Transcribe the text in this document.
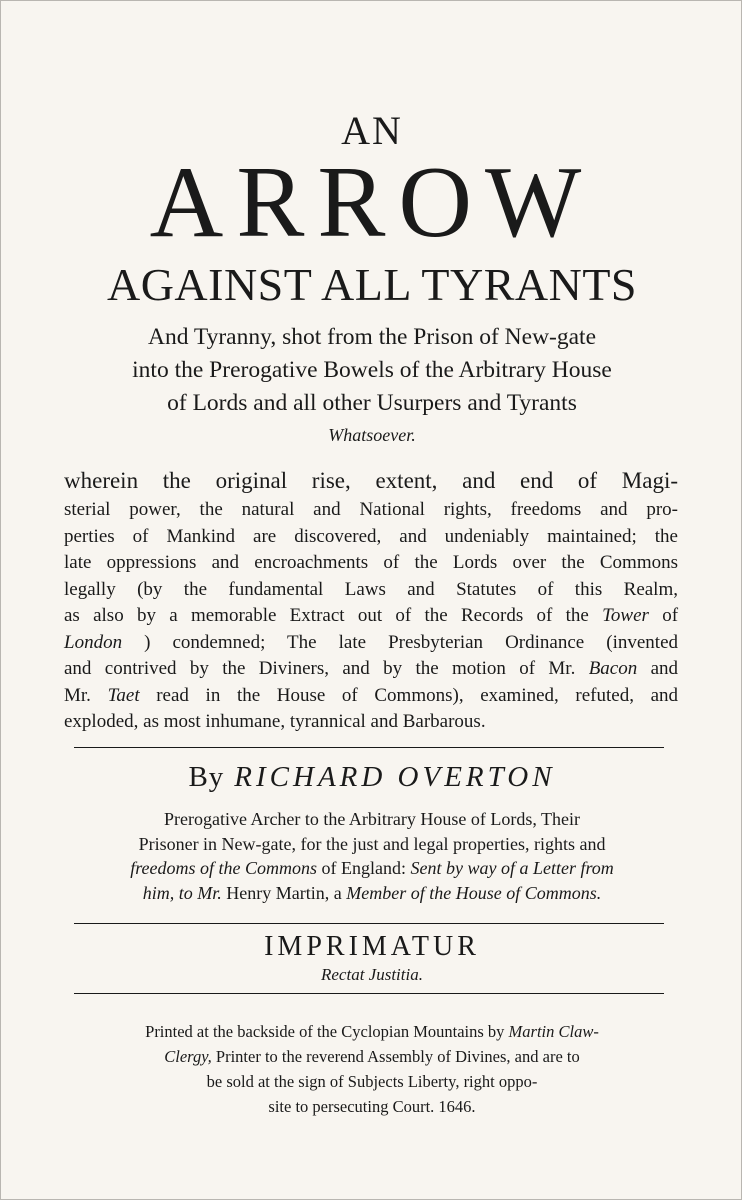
AN
ARROW
AGAINST ALL TYRANTS
And Tyranny, shot from the Prison of New-gate
into the Prerogative Bowels of the Arbitrary House
of Lords and all other Usurpers and Tyrants
Whatsoever.
wherein the original rise, extent, and end of Magi-
sterial power, the natural and National rights, freedoms and pro-
perties of Mankind are discovered, and undeniably maintained; the
late oppressions and encroachments of the Lords over the Commons
legally (by the fundamental Laws and Statutes of this Realm,
as also by a memorable Extract out of the Records of the Tower of
London ) condemned; The late Presbyterian Ordinance (invented
and contrived by the Diviners, and by the motion of Mr. Bacon and
Mr. Taet read in the House of Commons), examined, refuted, and
exploded, as most inhumane, tyrannical and Barbarous.
By RICHARD OVERTON
Prerogative Archer to the Arbitrary House of Lords, Their
Prisoner in New-gate, for the just and legal properties, rights and
freedoms of the Commons of England: Sent by way of a Letter from
him, to Mr. Henry Martin, a Member of the House of Commons.
IMPRIMATUR
Rectat Justitia.
Printed at the backside of the Cyclopian Mountains by Martin Claw-
Clergy, Printer to the reverend Assembly of Divines, and are to
be sold at the sign of Subjects Liberty, right oppo-
site to persecuting Court. 1646.
